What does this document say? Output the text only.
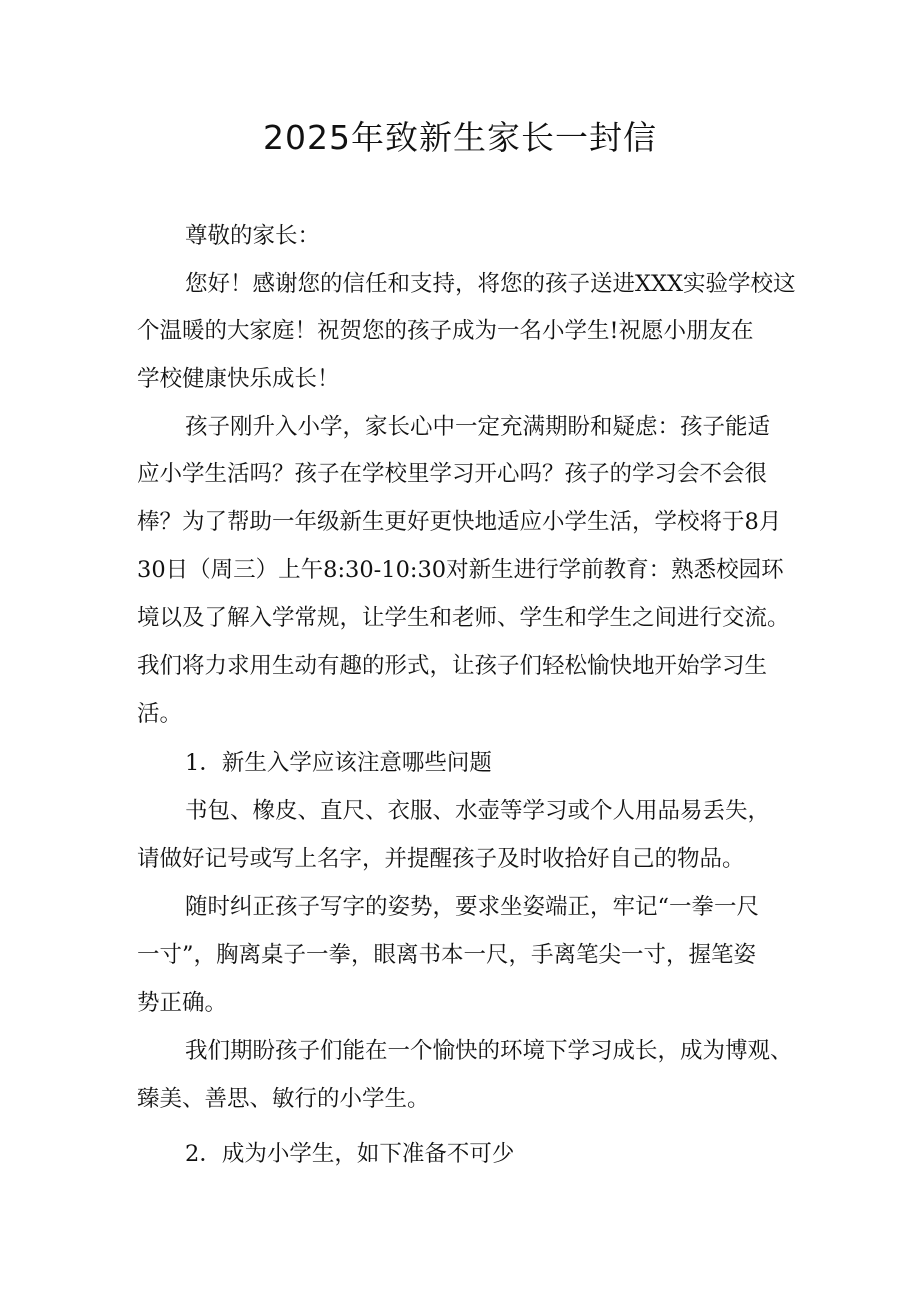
2025年致新生家长一封信

尊敬的家长：

您好！感谢您的信任和支持，将您的孩子送进XXX实验学校这

个温暖的大家庭！祝贺您的孩子成为一名小学生!祝愿小朋友在

学校健康快乐成长！

孩子刚升入小学，家长心中一定充满期盼和疑虑：孩子能适

应小学生活吗？孩子在学校里学习开心吗？孩子的学习会不会很

棒？为了帮助一年级新生更好更快地适应小学生活，学校将于8月

30日（周三）上午8:30-10:30对新生进行学前教育：熟悉校园环

境以及了解入学常规，让学生和老师、学生和学生之间进行交流。

我们将力求用生动有趣的形式，让孩子们轻松愉快地开始学习生

活。

1．新生入学应该注意哪些问题

书包、橡皮、直尺、衣服、水壶等学习或个人用品易丢失，

请做好记号或写上名字，并提醒孩子及时收拾好自己的物品。

随时纠正孩子写字的姿势，要求坐姿端正，牢记“一拳一尺

一寸”，胸离桌子一拳，眼离书本一尺，手离笔尖一寸，握笔姿

势正确。

我们期盼孩子们能在一个愉快的环境下学习成长，成为博观、

臻美、善思、敏行的小学生。

2．成为小学生，如下准备不可少
